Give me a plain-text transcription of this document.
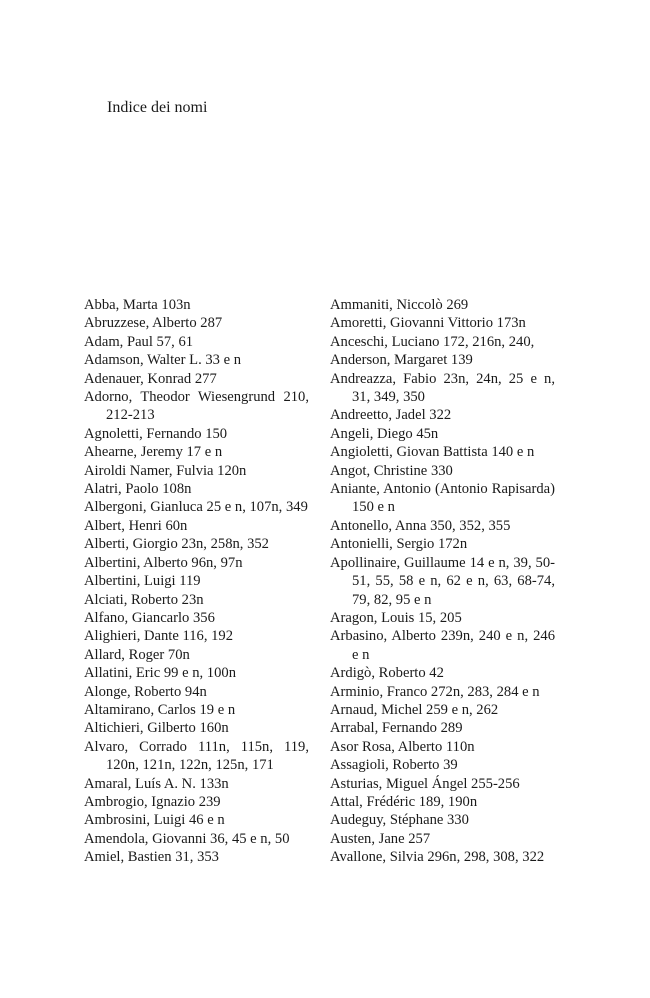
Indice dei nomi
Abba, Marta 103n
Abruzzese, Alberto 287
Adam, Paul 57, 61
Adamson, Walter L. 33 e n
Adenauer, Konrad 277
Adorno, Theodor Wiesengrund 210, 212-213
Agnoletti, Fernando 150
Ahearne, Jeremy 17 e n
Airoldi Namer, Fulvia 120n
Alatri, Paolo 108n
Albergoni, Gianluca 25 e n, 107n, 349
Albert, Henri 60n
Alberti, Giorgio 23n, 258n, 352
Albertini, Alberto 96n, 97n
Albertini, Luigi 119
Alciati, Roberto 23n
Alfano, Giancarlo 356
Alighieri, Dante 116, 192
Allard, Roger 70n
Allatini, Eric 99 e n, 100n
Alonge, Roberto 94n
Altamirano, Carlos 19 e n
Altichieri, Gilberto 160n
Alvaro, Corrado 111n, 115n, 119, 120n, 121n, 122n, 125n, 171
Amaral, Luís A. N. 133n
Ambrogio, Ignazio 239
Ambrosini, Luigi 46 e n
Amendola, Giovanni 36, 45 e n, 50
Amiel, Bastien 31, 353
Ammaniti, Niccolò 269
Amoretti, Giovanni Vittorio 173n
Anceschi, Luciano 172, 216n, 240,
Anderson, Margaret 139
Andreazza, Fabio 23n, 24n, 25 e n, 31, 349, 350
Andreetto, Jadel 322
Angeli, Diego 45n
Angioletti, Giovan Battista 140 e n
Angot, Christine 330
Aniante, Antonio (Antonio Rapisarda) 150 e n
Antonello, Anna 350, 352, 355
Antonielli, Sergio 172n
Apollinaire, Guillaume 14 e n, 39, 50-51, 55, 58 e n, 62 e n, 63, 68-74, 79, 82, 95 e n
Aragon, Louis 15, 205
Arbasino, Alberto 239n, 240 e n, 246 e n
Ardigò, Roberto 42
Arminio, Franco 272n, 283, 284 e n
Arnaud, Michel 259 e n, 262
Arrabal, Fernando 289
Asor Rosa, Alberto 110n
Assagioli, Roberto 39
Asturias, Miguel Ángel 255-256
Attal, Frédéric 189, 190n
Audeguy, Stéphane 330
Austen, Jane 257
Avallone, Silvia 296n, 298, 308, 322
